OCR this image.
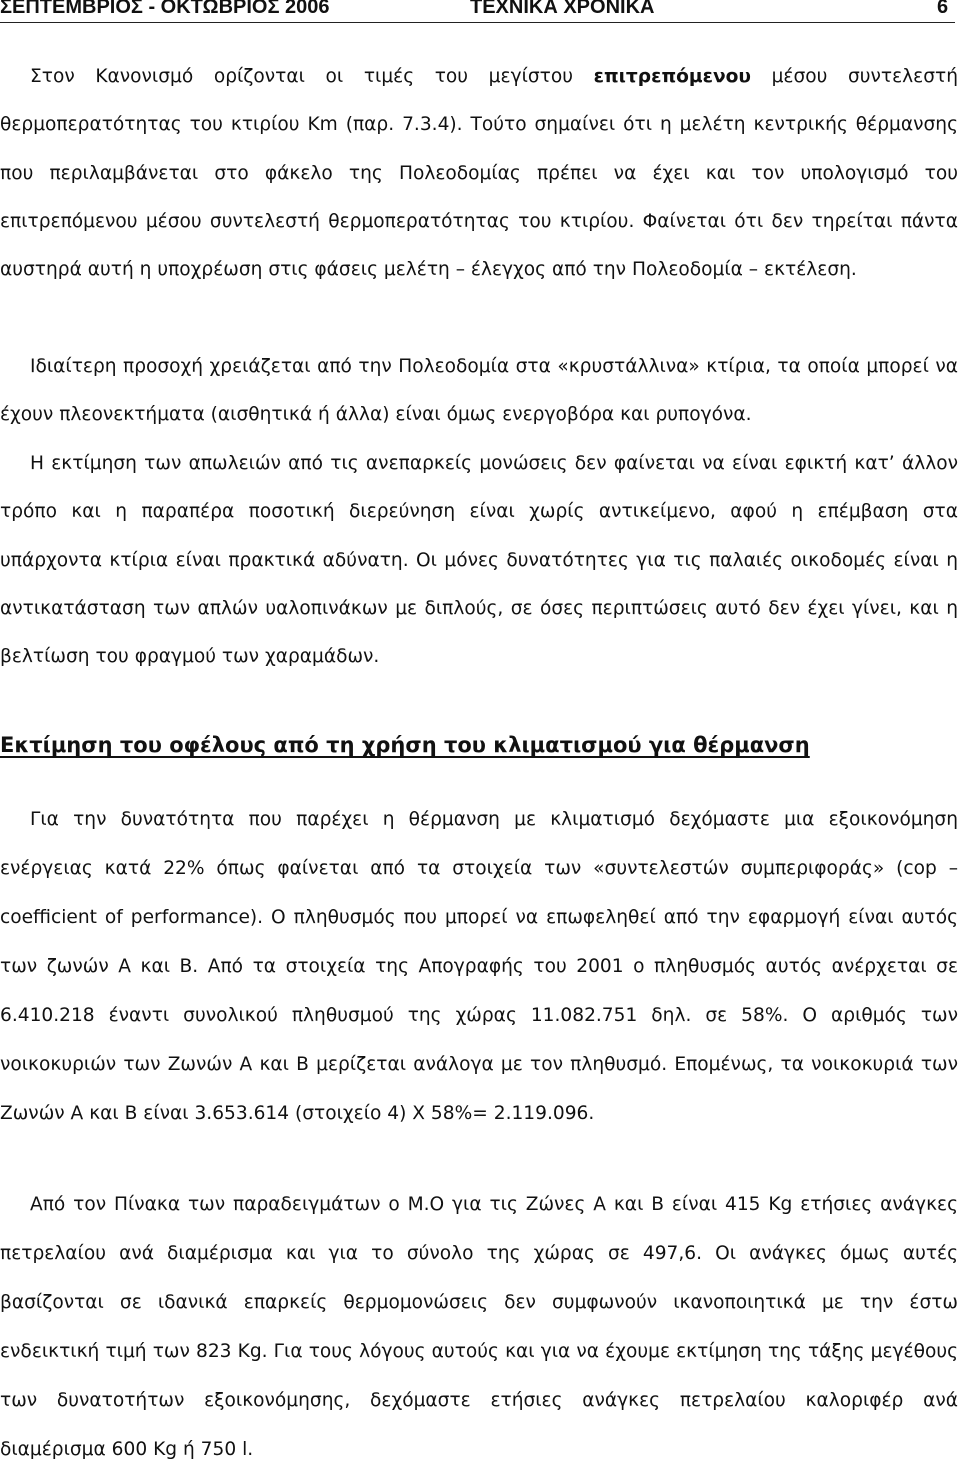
ΣΕΠΤΕΜΒΡΙΟΣ - ΟΚΤΩΒΡΙΟΣ 2006	ΤΕΧΝΙΚΑ ΧΡΟΝΙΚΑ	6

Στον Κανονισμό ορίζονται οι τιμές του μεγίστου επιτρεπόμενου μέσου συντελεστή θερμοπερατότητας του κτιρίου Km (παρ. 7.3.4). Τούτο σημαίνει ότι η μελέτη κεντρικής θέρμανσης που περιλαμβάνεται στο φάκελο της Πολεοδομίας πρέπει να έχει και τον υπολογισμό του επιτρεπόμενου μέσου συντελεστή θερμοπερατότητας του κτιρίου. Φαίνεται ότι δεν τηρείται πάντα αυστηρά αυτή η υποχρέωση στις φάσεις μελέτη – έλεγχος από την Πολεοδομία – εκτέλεση.

Ιδιαίτερη προσοχή χρειάζεται από την Πολεοδομία στα «κρυστάλλινα» κτίρια, τα οποία μπορεί να έχουν πλεονεκτήματα (αισθητικά ή άλλα) είναι όμως ενεργοβόρα και ρυπογόνα.

Η εκτίμηση των απωλειών από τις ανεπαρκείς μονώσεις δεν φαίνεται να είναι εφικτή κατ’ άλλον τρόπο και η παραπέρα ποσοτική διερεύνηση είναι χωρίς αντικείμενο, αφού η επέμβαση στα υπάρχοντα κτίρια είναι πρακτικά αδύνατη. Οι μόνες δυνατότητες για τις παλαιές οικοδομές είναι η αντικατάσταση των απλών υαλοπινάκων με διπλούς, σε όσες περιπτώσεις αυτό δεν έχει γίνει, και η βελτίωση του φραγμού των χαραμάδων.

Εκτίμηση του οφέλους από τη χρήση του κλιματισμού για θέρμανση

Για την δυνατότητα που παρέχει η θέρμανση με κλιματισμό δεχόμαστε μια εξοικονόμηση ενέργειας κατά 22% όπως φαίνεται από τα στοιχεία των «συντελεστών συμπεριφοράς» (cop – coefficient of performance). Ο πληθυσμός που μπορεί να επωφεληθεί από την εφαρμογή είναι αυτός των ζωνών Α και Β. Από τα στοιχεία της Απογραφής του 2001 ο πληθυσμός αυτός ανέρχεται σε 6.410.218 έναντι συνολικού πληθυσμού της χώρας 11.082.751 δηλ. σε 58%. Ο αριθμός των νοικοκυριών των Ζωνών Α και Β μερίζεται ανάλογα με τον πληθυσμό. Επομένως, τα νοικοκυριά των Ζωνών Α και Β είναι 3.653.614 (στοιχείο 4) Χ 58%= 2.119.096.

Από τον Πίνακα των παραδειγμάτων ο Μ.Ο για τις Ζώνες Α και Β είναι 415 Kg ετήσιες ανάγκες πετρελαίου ανά διαμέρισμα και για το σύνολο της χώρας σε 497,6. Οι ανάγκες όμως αυτές βασίζονται σε ιδανικά επαρκείς θερμομονώσεις δεν συμφωνούν ικανοποιητικά με την έστω ενδεικτική τιμή των 823 Kg. Για τους λόγους αυτούς και για να έχουμε εκτίμηση της τάξης μεγέθους των δυνατοτήτων εξοικονόμησης, δεχόμαστε ετήσιες ανάγκες πετρελαίου καλοριφέρ ανά διαμέρισμα 600 Kg ή 750 l.
